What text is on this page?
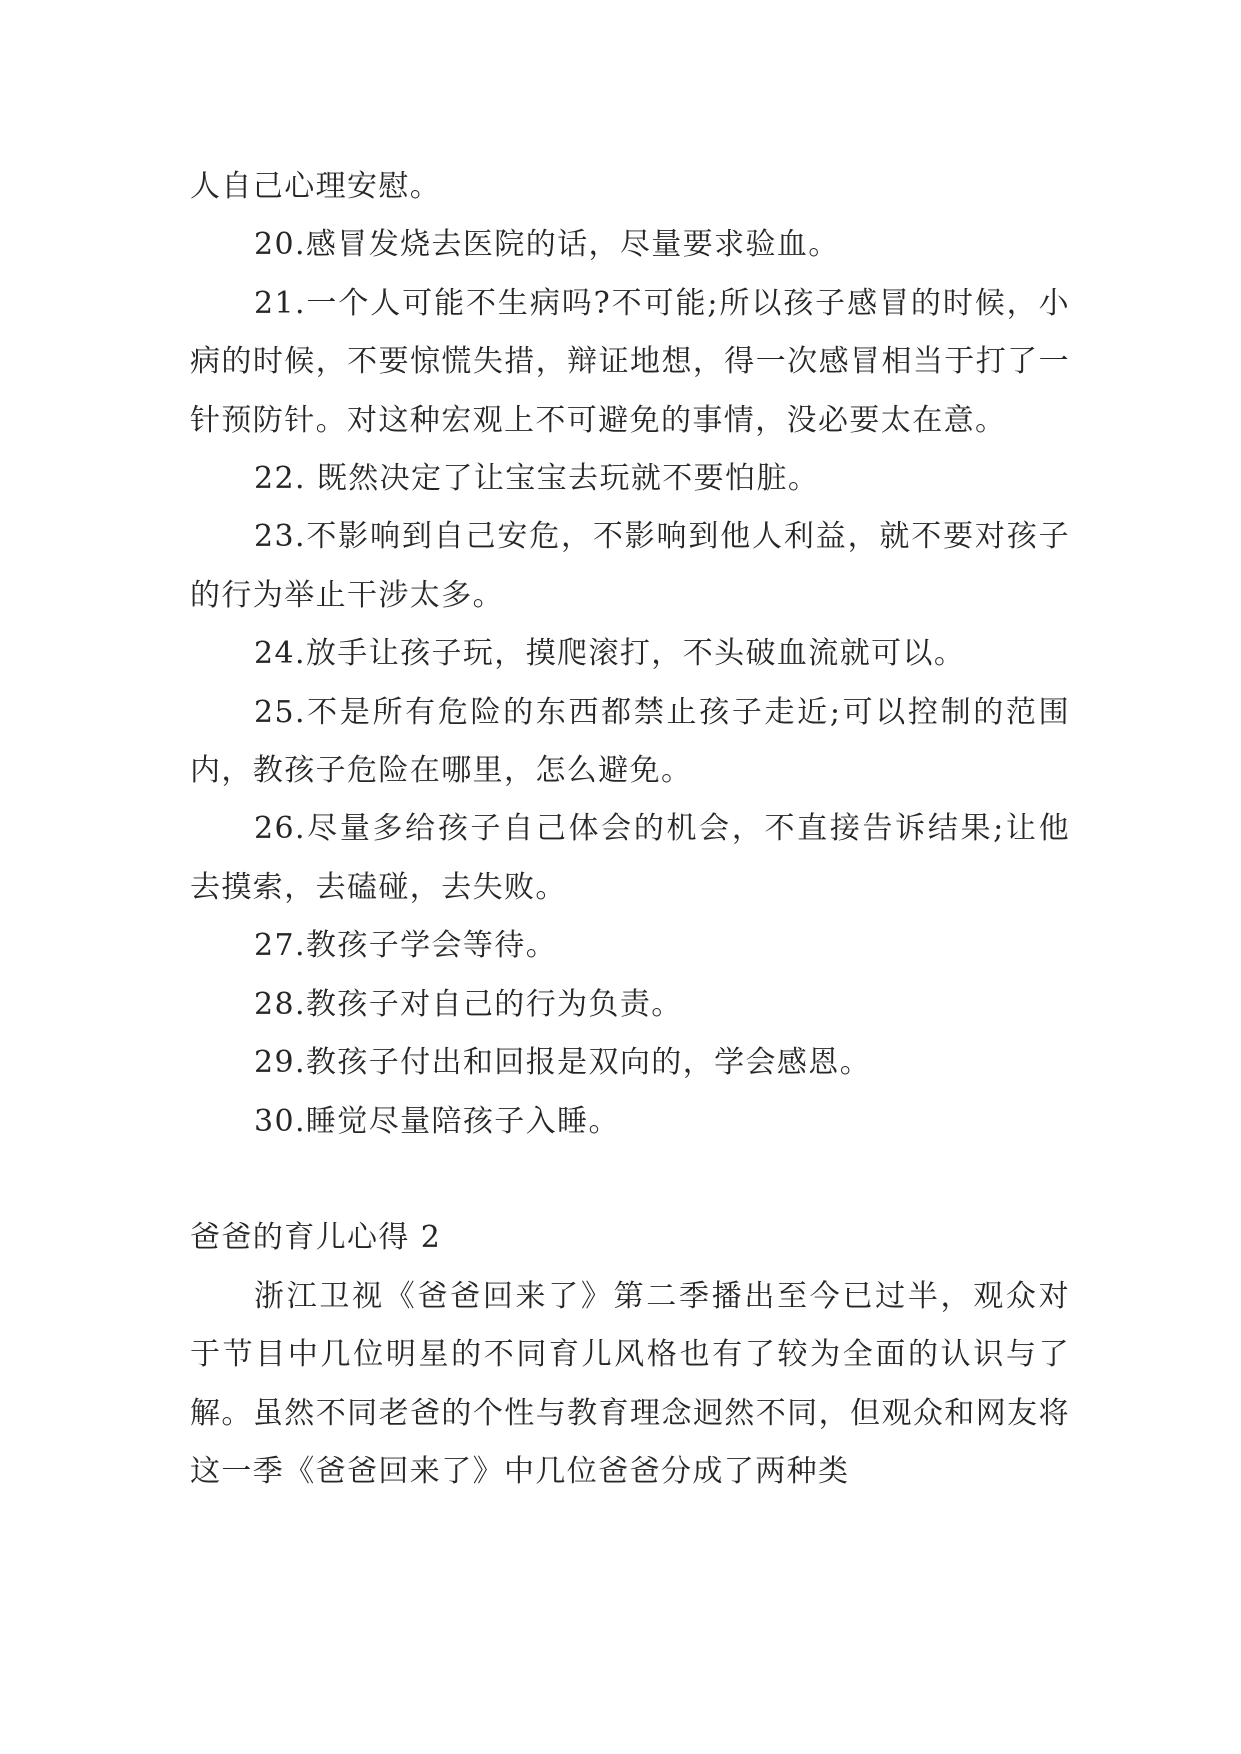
人自己心理安慰。

20.感冒发烧去医院的话，尽量要求验血。

21.一个人可能不生病吗?不可能;所以孩子感冒的时候，小病的时候，不要惊慌失措，辩证地想，得一次感冒相当于打了一针预防针。对这种宏观上不可避免的事情，没必要太在意。

22. 既然决定了让宝宝去玩就不要怕脏。

23.不影响到自己安危，不影响到他人利益，就不要对孩子的行为举止干涉太多。

24.放手让孩子玩，摸爬滚打，不头破血流就可以。

25.不是所有危险的东西都禁止孩子走近;可以控制的范围内，教孩子危险在哪里，怎么避免。

26.尽量多给孩子自己体会的机会，不直接告诉结果;让他去摸索，去磕碰，去失败。

27.教孩子学会等待。

28.教孩子对自己的行为负责。

29.教孩子付出和回报是双向的，学会感恩。

30.睡觉尽量陪孩子入睡。

爸爸的育儿心得 2

浙江卫视《爸爸回来了》第二季播出至今已过半，观众对于节目中几位明星的不同育儿风格也有了较为全面的认识与了解。虽然不同老爸的个性与教育理念迥然不同，但观众和网友将这一季《爸爸回来了》中几位爸爸分成了两种类
